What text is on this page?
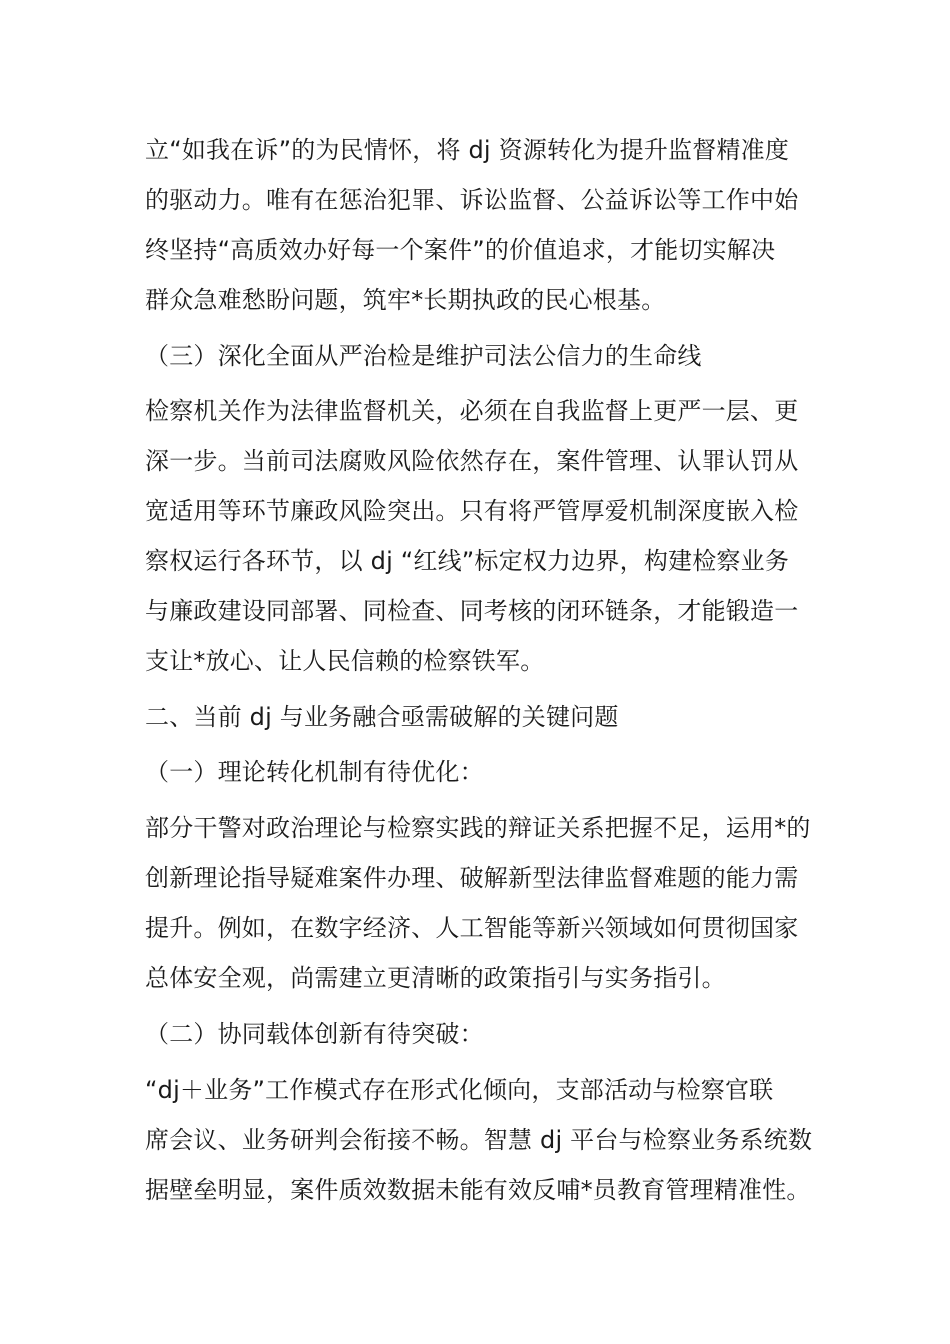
立“如我在诉”的为民情怀，将 dj 资源转化为提升监督精准度
的驱动力。唯有在惩治犯罪、诉讼监督、公益诉讼等工作中始
终坚持“高质效办好每一个案件”的价值追求，才能切实解决
群众急难愁盼问题，筑牢*长期执政的民心根基。
（三）深化全面从严治检是维护司法公信力的生命线
检察机关作为法律监督机关，必须在自我监督上更严一层、更
深一步。当前司法腐败风险依然存在，案件管理、认罪认罚从
宽适用等环节廉政风险突出。只有将严管厚爱机制深度嵌入检
察权运行各环节，以 dj “红线”标定权力边界，构建检察业务
与廉政建设同部署、同检查、同考核的闭环链条，才能锻造一
支让*放心、让人民信赖的检察铁军。
二、当前 dj 与业务融合亟需破解的关键问题
（一）理论转化机制有待优化：
部分干警对政治理论与检察实践的辩证关系把握不足，运用*的
创新理论指导疑难案件办理、破解新型法律监督难题的能力需
提升。例如，在数字经济、人工智能等新兴领域如何贯彻国家
总体安全观，尚需建立更清晰的政策指引与实务指引。
（二）协同载体创新有待突破：
“dj＋业务”工作模式存在形式化倾向，支部活动与检察官联
席会议、业务研判会衔接不畅。智慧 dj 平台与检察业务系统数
据壁垒明显，案件质效数据未能有效反哺*员教育管理精准性。
